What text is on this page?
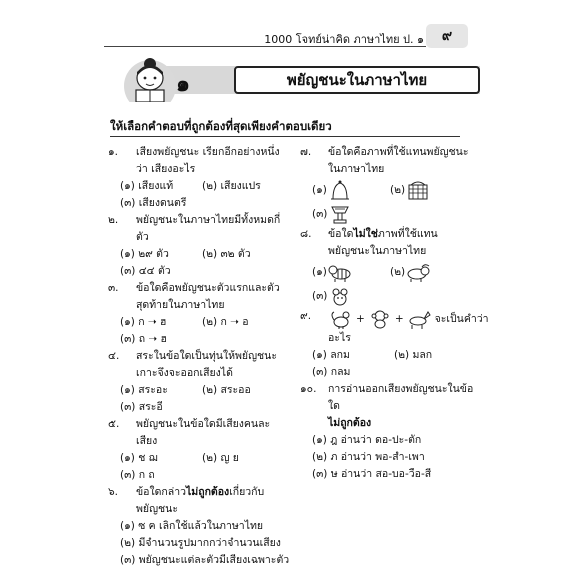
1000 โจทย์น่าคิด ภาษาไทย ป. ๑	๙
๑	พยัญชนะในภาษาไทย
ให้เลือกคำตอบที่ถูกต้องที่สุดเพียงคำตอบเดียว
๑.	เสียงพยัญชนะ เรียกอีกอย่างหนึ่งว่า เสียงอะไร
(๑) เสียงแท้	(๒) เสียงแปร
(๓) เสียงดนตรี
๒.	พยัญชนะในภาษาไทยมีทั้งหมดกี่ตัว
(๑) ๒๙ ตัว	(๒) ๓๒ ตัว
(๓) ๔๔ ตัว
๓.	ข้อใดคือพยัญชนะตัวแรกและตัวสุดท้ายในภาษาไทย
(๑) ก ➝ ฮ	(๒) ก ➝ อ
(๓) ถ ➝ ฮ
๔.	สระในข้อใดเป็นทุ่นให้พยัญชนะเกาะจึงจะออกเสียงได้
(๑) สระอะ	(๒) สระออ
(๓) สระอี
๕.	พยัญชนะในข้อใดมีเสียงคนละเสียง
(๑) ช ฌ	(๒) ญ ย
(๓) ก ถ
๖.	ข้อใดกล่าวไม่ถูกต้องเกี่ยวกับพยัญชนะ
(๑) ซ ฅ เลิกใช้แล้วในภาษาไทย
(๒) มีจำนวนรูปมากกว่าจำนวนเสียง
(๓) พยัญชนะแต่ละตัวมีเสียงเฉพาะตัว
๗.	ข้อใดคือภาพที่ใช้แทนพยัญชนะในภาษาไทย
(๑)	(๒)
(๓)
๘.	ข้อใดไม่ใช่ภาพที่ใช้แทนพยัญชนะในภาษาไทย
(๑)	(๒)
(๓)
๙.	+	+	จะเป็นคำว่า
อะไร
(๑) ลกม	(๒) มลก
(๓) กลม
๑๐.	การอ่านออกเสียงพยัญชนะในข้อใด
ไม่ถูกต้อง
(๑) ฎ อ่านว่า ดอ-ปะ-ตัก
(๒) ภ อ่านว่า พอ-สำ-เพา
(๓) ษ อ่านว่า สอ-บอ-วือ-สี
